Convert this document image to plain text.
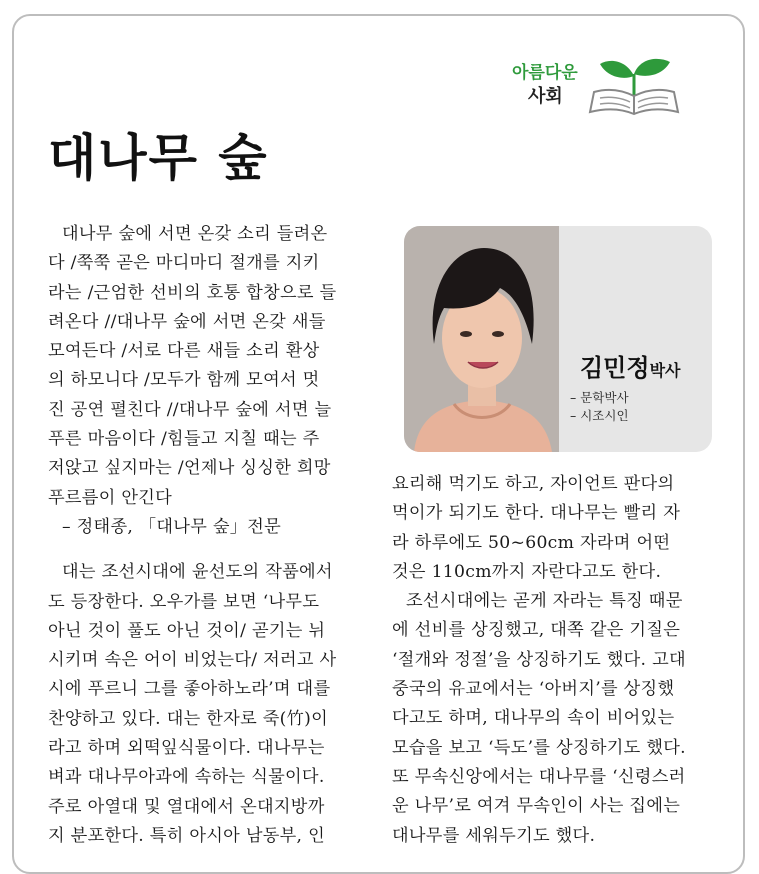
아름다운
사회
대나무 숲
대나무 숲에 서면 온갖 소리 들려온
다 /쭉쭉 곧은 마디마디 절개를 지키
라는 /근엄한 선비의 호통 합창으로 들
려온다 //대나무 숲에 서면 온갖 새들
모여든다 /서로 다른 새들 소리 환상
의 하모니다 /모두가 함께 모여서 멋
진 공연 펼친다 //대나무 숲에 서면 늘
푸른 마음이다 /힘들고 지칠 때는 주
저앉고 싶지마는 /언제나 싱싱한 희망
푸르름이 안긴다
– 정태종, 「대나무 숲」전문
대는 조선시대에 윤선도의 작품에서
도 등장한다. 오우가를 보면 ‘나무도
아닌 것이 풀도 아닌 것이/ 곧기는 뉘
시키며 속은 어이 비었는다/ 저러고 사
시에 푸르니 그를 좋아하노라’며 대를
찬양하고 있다. 대는 한자로 죽(竹)이
라고 하며 외떡잎식물이다. 대나무는
벼과 대나무아과에 속하는 식물이다.
주로 아열대 및 열대에서 온대지방까
지 분포한다. 특히 아시아 남동부, 인
김민정박사
– 문학박사
– 시조시인
요리해 먹기도 하고, 자이언트 판다의
먹이가 되기도 한다. 대나무는 빨리 자
라 하루에도 50~60cm 자라며 어떤
것은 110cm까지 자란다고도 한다.
조선시대에는 곧게 자라는 특징 때문
에 선비를 상징했고, 대쪽 같은 기질은
‘절개와 정절’을 상징하기도 했다. 고대
중국의 유교에서는 ‘아버지’를 상징했
다고도 하며, 대나무의 속이 비어있는
모습을 보고 ‘득도’를 상징하기도 했다.
또 무속신앙에서는 대나무를 ‘신령스러
운 나무’로 여겨 무속인이 사는 집에는
대나무를 세워두기도 했다.
